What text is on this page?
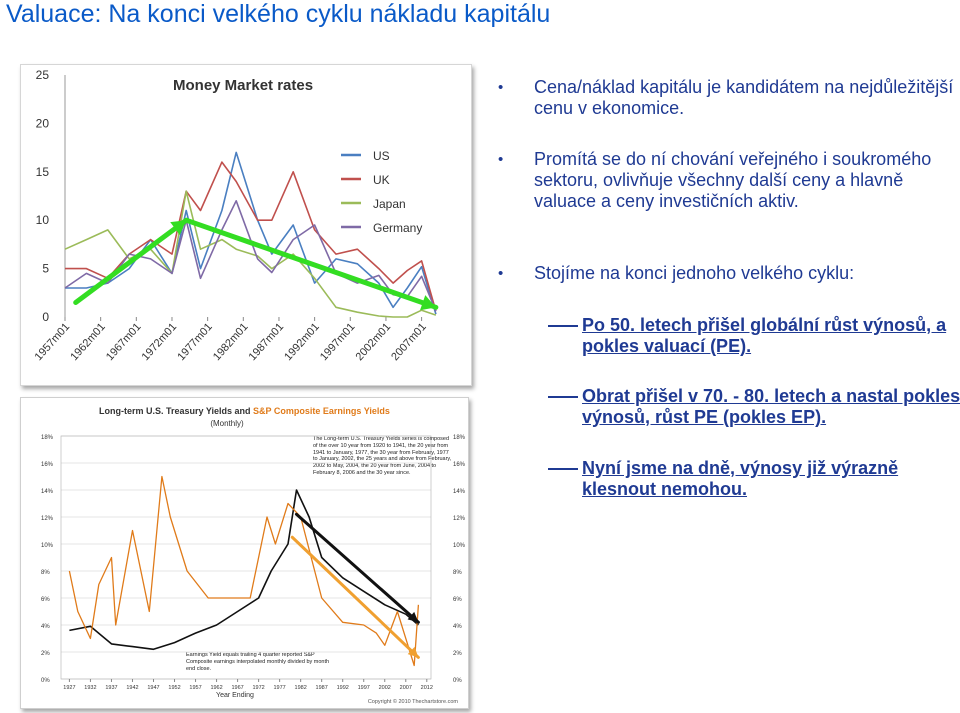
Valuace: Na konci velkého cyklu nákladu kapitálu
Money Market rates
0
5
10
15
20
25
1957m01
1962m01
1967m01
1972m01
1977m01
1982m01
1987m01
1992m01
1997m01
2002m01
2007m01
US
UK
Japan
Germany
Long-term U.S. Treasury Yields and S&P Composite Earnings Yields
(Monthly)
The Long-term U.S. Treasury Yields series is composed of the over 10 year from 1920 to 1941, the 20 year from 1941 to January, 1977, the 30 year from February, 1977 to January, 2002, the 25 years and above from February, 2002 to May, 2004, the 20 year from June, 2004 to February 8, 2006 and the 30 year since.
Earnings Yield equals trailing 4 quarter reported S&P Composite earnings interpolated monthly divided by month end close.
0%	0%
2%	2%
4%	4%
6%	6%
8%	8%
10%	10%
12%	12%
14%	14%
16%	16%
18%	18%
1927 1932 1937 1942 1947 1952 1957 1962 1967 1972 1977 1982 1987 1992 1997 2002 2007 2012
Year Ending
Copyright © 2010 Thechartstore.com
• Cena/náklad kapitálu je kandidátem na nejdůležitější cenu v ekonomice.
• Promítá se do ní chování veřejného i soukromého sektoru, ovlivňuje všechny další ceny a hlavně valuace a ceny investičních aktiv.
• Stojíme na konci jednoho velkého cyklu:
Po 50. letech přišel globální růst výnosů, a pokles valuací (PE).
Obrat přišel v 70. - 80. letech a nastal pokles výnosů, růst PE (pokles EP).
Nyní jsme na dně, výnosy již výrazně klesnout nemohou.
